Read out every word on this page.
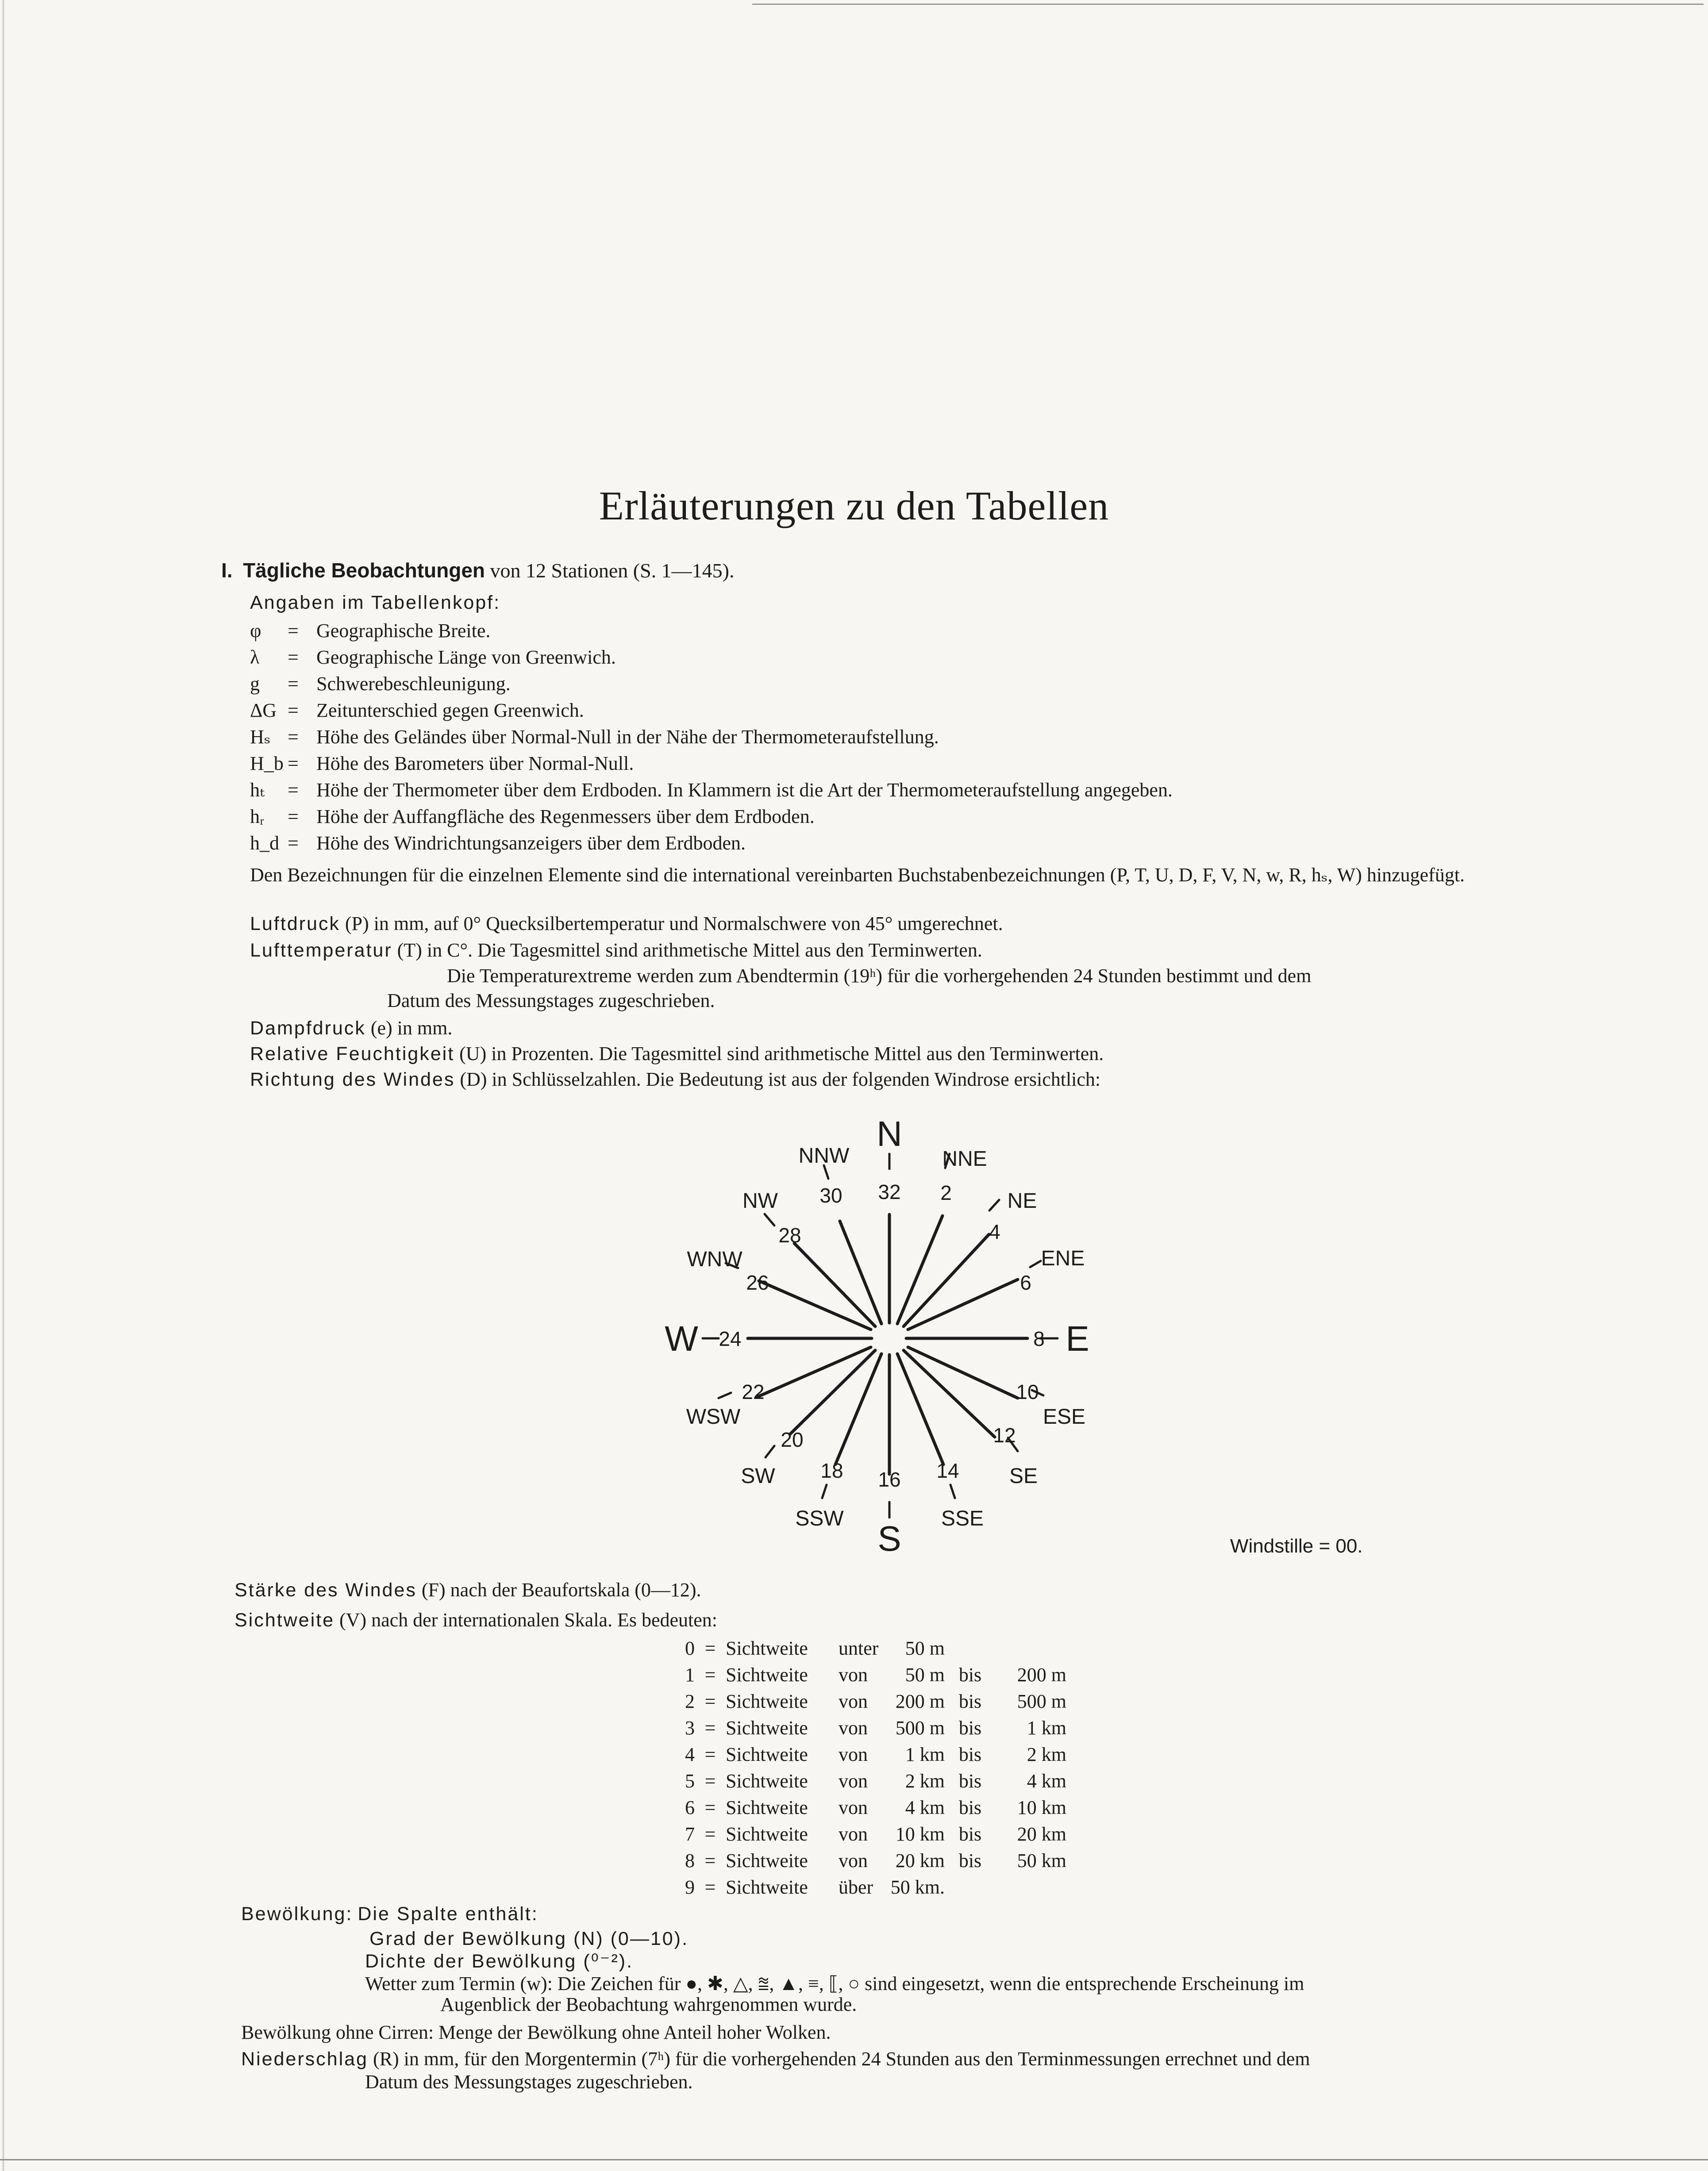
Erläuterungen zu den Tabellen
I. Tägliche Beobachtungen von 12 Stationen (S. 1—145).
Angaben im Tabellenkopf:
φ = Geographische Breite.
λ = Geographische Länge von Greenwich.
g = Schwerebeschleunigung.
ΔG = Zeitunterschied gegen Greenwich.
Hₛ = Höhe des Geländes über Normal-Null in der Nähe der Thermometeraufstellung.
H_b = Höhe des Barometers über Normal-Null.
hₜ = Höhe der Thermometer über dem Erdboden. In Klammern ist die Art der Thermometeraufstellung angegeben.
hᵣ = Höhe der Auffangfläche des Regenmessers über dem Erdboden.
h_d = Höhe des Windrichtungsanzeigers über dem Erdboden.
Den Bezeichnungen für die einzelnen Elemente sind die international vereinbarten Buchstabenbezeichnungen (P, T, U, D, F, V, N, w, R, hₛ, W) hinzugefügt.
Luftdruck (P) in mm, auf 0° Quecksilbertemperatur und Normalschwere von 45° umgerechnet.
Lufttemperatur (T) in C°. Die Tagesmittel sind arithmetische Mittel aus den Terminwerten.
Die Temperaturextreme werden zum Abendtermin (19ʰ) für die vorhergehenden 24 Stunden bestimmt und dem
Datum des Messungstages zugeschrieben.
Dampfdruck (e) in mm.
Relative Feuchtigkeit (U) in Prozenten. Die Tagesmittel sind arithmetische Mittel aus den Terminwerten.
Richtung des Windes (D) in Schlüsselzahlen. Die Bedeutung ist aus der folgenden Windrose ersichtlich:
N
E
S
W
32 2
4
6
8
10
12
14
16
18
20
22
24
26
28
30
NNE
NE
ENE
ESE
SE
SSE
SSW
SW
WSW
WNW
NW
NNW
Windstille = 00.
Stärke des Windes (F) nach der Beaufortskala (0—12).
Sichtweite (V) nach der internationalen Skala. Es bedeuten:
0 = Sichtweite unter 50 m
1 = Sichtweite von 50 m bis 200 m
2 = Sichtweite von 200 m bis 500 m
3 = Sichtweite von 500 m bis 1 km
4 = Sichtweite von 1 km bis 2 km
5 = Sichtweite von 2 km bis 4 km
6 = Sichtweite von 4 km bis 10 km
7 = Sichtweite von 10 km bis 20 km
8 = Sichtweite von 20 km bis 50 km
9 = Sichtweite über 50 km.
Bewölkung: Die Spalte enthält:
Grad der Bewölkung (N) (0—10).
Dichte der Bewölkung (⁰⁻²).
Wetter zum Termin (w): Die Zeichen für ●, ✱, △, ⩰, ▲, ≡, ⟦, ○ sind eingesetzt, wenn die entsprechende Erscheinung im
Augenblick der Beobachtung wahrgenommen wurde.
Bewölkung ohne Cirren: Menge der Bewölkung ohne Anteil hoher Wolken.
Niederschlag (R) in mm, für den Morgentermin (7ʰ) für die vorhergehenden 24 Stunden aus den Terminmessungen errechnet und dem
Datum des Messungstages zugeschrieben.
